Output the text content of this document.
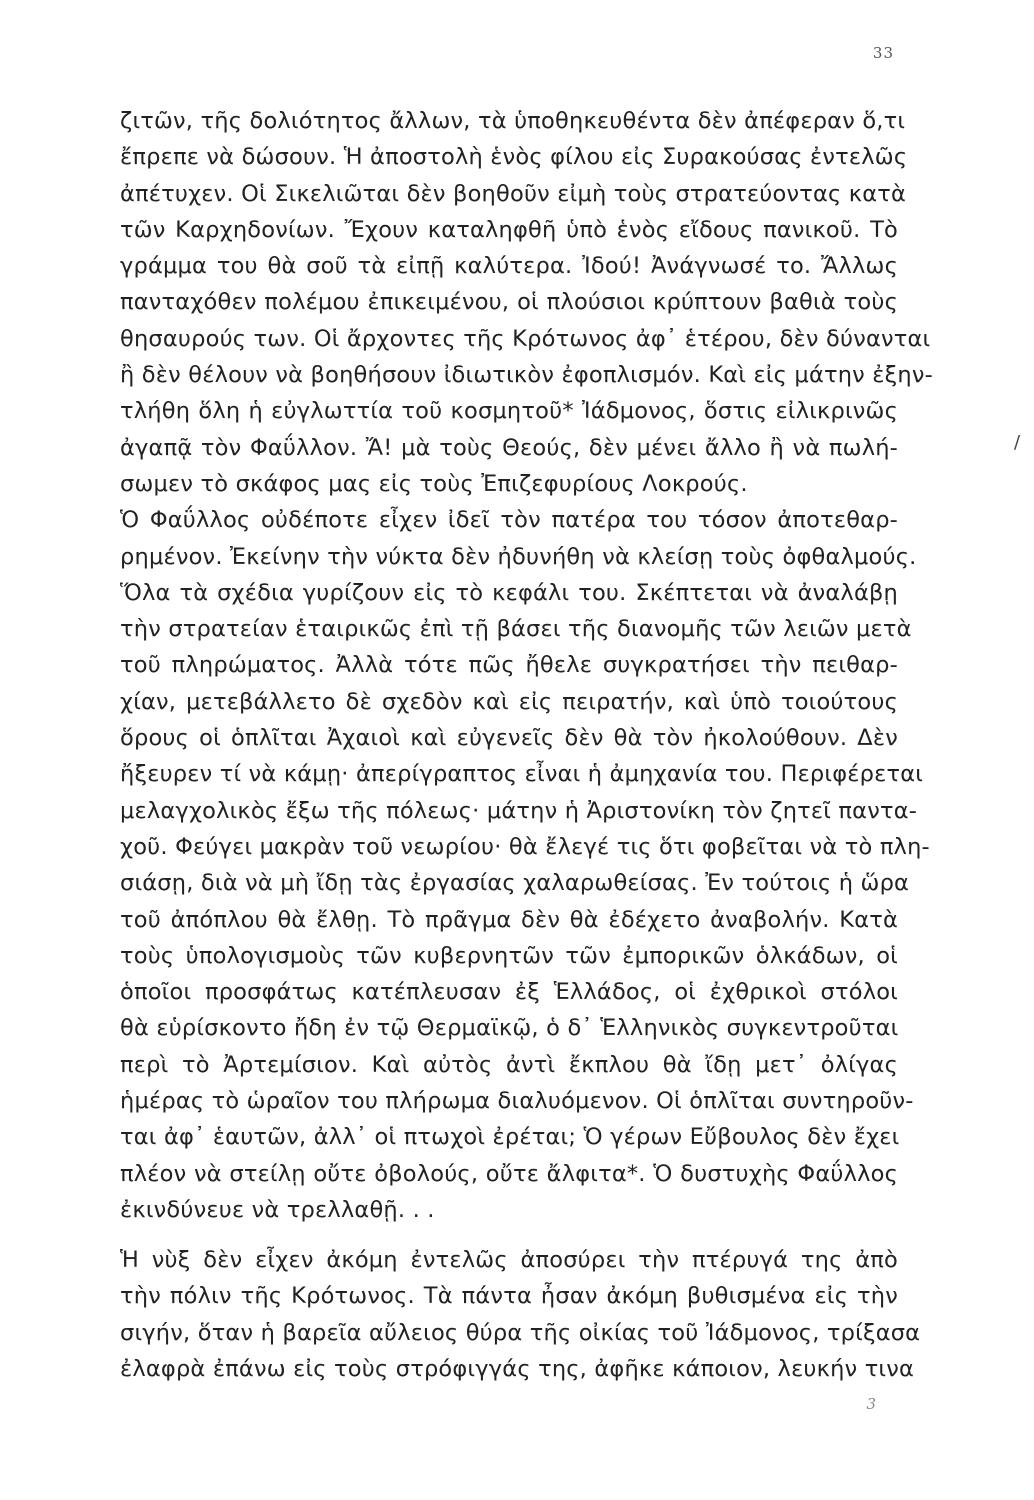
33
ζιτῶν, τῆς δολιότητος ἄλλων, τὰ ὑποθηκευθέντα δὲν ἀπέφεραν ὅ,τι
ἔπρεπε νὰ δώσουν. Ἡ ἀποστολὴ ἑνὸς φίλου εἰς Συρακούσας ἐντελῶς
ἀπέτυχεν. Οἱ Σικελιῶται δὲν βοηθοῦν εἰμὴ τοὺς στρατεύοντας κατὰ
τῶν Καρχηδονίων. Ἔχουν καταληφθῆ ὑπὸ ἑνὸς εἴδους πανικοῦ. Τὸ
γράμμα του θὰ σοῦ τὰ εἰπῇ καλύτερα. Ἰδού! Ἀνάγνωσέ το. Ἄλλως
πανταχόθεν πολέμου ἐπικειμένου, οἱ πλούσιοι κρύπτουν βαθιὰ τοὺς
θησαυρούς των. Οἱ ἄρχοντες τῆς Κρότωνος ἀφ᾽ ἑτέρου, δὲν δύνανται
ἢ δὲν θέλουν νὰ βοηθήσουν ἰδιωτικὸν ἐφοπλισμόν. Καὶ εἰς μάτην ἐξην-
τλήθη ὅλη ἡ εὐγλωττία τοῦ κοσμητοῦ* Ἰάδμονος, ὅστις εἰλικρινῶς
ἀγαπᾷ τὸν Φαΰλλον. Ἄ! μὰ τοὺς Θεούς, δὲν μένει ἄλλο ἢ νὰ πωλή-
σωμεν τὸ σκάφος μας εἰς τοὺς Ἐπιζεφυρίους Λοκρούς.
Ὁ Φαΰλλος οὐδέποτε εἶχεν ἰδεῖ τὸν πατέρα του τόσον ἀποτεθαρ-
ρημένον. Ἐκείνην τὴν νύκτα δὲν ἠδυνήθη νὰ κλείσῃ τοὺς ὀφθαλμούς.
Ὅλα τὰ σχέδια γυρίζουν εἰς τὸ κεφάλι του. Σκέπτεται νὰ ἀναλάβῃ
τὴν στρατείαν ἑταιρικῶς ἐπὶ τῇ βάσει τῆς διανομῆς τῶν λειῶν μετὰ
τοῦ πληρώματος. Ἀλλὰ τότε πῶς ἤθελε συγκρατήσει τὴν πειθαρ-
χίαν, μετεβάλλετο δὲ σχεδὸν καὶ εἰς πειρατήν, καὶ ὑπὸ τοιούτους
ὅρους οἱ ὁπλῖται Ἀχαιοὶ καὶ εὐγενεῖς δὲν θὰ τὸν ἠκολούθουν. Δὲν
ἤξευρεν τί νὰ κάμῃ· ἀπερίγραπτος εἶναι ἡ ἀμηχανία του. Περιφέρεται
μελαγχολικὸς ἔξω τῆς πόλεως· μάτην ἡ Ἀριστονίκη τὸν ζητεῖ παντα-
χοῦ. Φεύγει μακρὰν τοῦ νεωρίου· θὰ ἔλεγέ τις ὅτι φοβεῖται νὰ τὸ πλη-
σιάσῃ, διὰ νὰ μὴ ἴδῃ τὰς ἐργασίας χαλαρωθείσας. Ἐν τούτοις ἡ ὥρα
τοῦ ἀπόπλου θὰ ἔλθῃ. Τὸ πρᾶγμα δὲν θὰ ἐδέχετο ἀναβολήν. Κατὰ
τοὺς ὑπολογισμοὺς τῶν κυβερνητῶν τῶν ἐμπορικῶν ὁλκάδων, οἱ
ὁποῖοι προσφάτως κατέπλευσαν ἐξ Ἑλλάδος, οἱ ἐχθρικοὶ στόλοι
θὰ εὑρίσκοντο ἤδη ἐν τῷ Θερμαϊκῷ, ὁ δ᾽ Ἑλληνικὸς συγκεντροῦται
περὶ τὸ Ἀρτεμίσιον. Καὶ αὐτὸς ἀντὶ ἔκπλου θὰ ἴδῃ μετ᾽ ὀλίγας
ἡμέρας τὸ ὡραῖον του πλήρωμα διαλυόμενον. Οἱ ὁπλῖται συντηροῦν-
ται ἀφ᾽ ἑαυτῶν, ἀλλ᾽ οἱ πτωχοὶ ἐρέται; Ὁ γέρων Εὔβουλος δὲν ἔχει
πλέον νὰ στείλῃ οὔτε ὀβολούς, οὔτε ἄλφιτα*. Ὁ δυστυχὴς Φαΰλλος
ἐκινδύνευε νὰ τρελλαθῇ. . .
Ἡ νὺξ δὲν εἶχεν ἀκόμη ἐντελῶς ἀποσύρει τὴν πτέρυγά της ἀπὸ
τὴν πόλιν τῆς Κρότωνος. Τὰ πάντα ἦσαν ἀκόμη βυθισμένα εἰς τὴν
σιγήν, ὅταν ἡ βαρεῖα αὔλειος θύρα τῆς οἰκίας τοῦ Ἰάδμονος, τρίξασα
ἐλαφρὰ ἐπάνω εἰς τοὺς στρόφιγγάς της, ἀφῆκε κάποιον, λευκήν τινα
/
3
